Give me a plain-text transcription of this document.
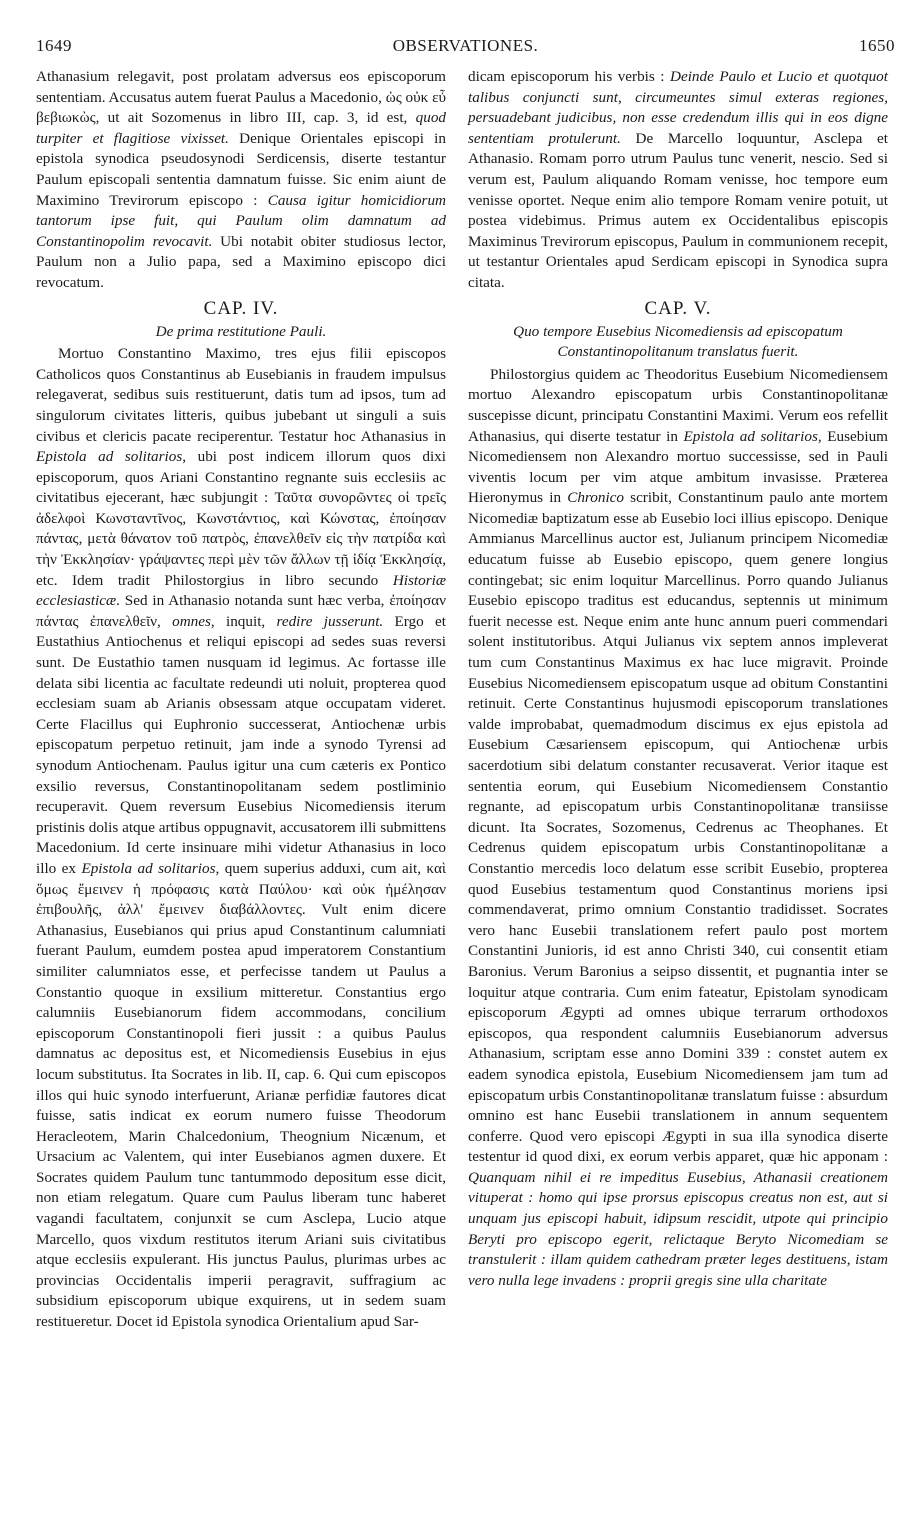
1649	OBSERVATIONES.	1650

Athanasium relegavit, post prolatam adversus eos episcoporum sententiam. Accusatus autem fuerat Paulus a Macedonio, ὡς οὐκ εὖ βεβιωκὼς, ut ait Sozomenus in libro III, cap. 3, id est, quod turpiter et flagitiose vixisset. Denique Orientales episcopi in epistola synodica pseudosynodi Serdicensis, diserte testantur Paulum episcopali sententia damnatum fuisse. Sic enim aiunt de Maximino Trevirorum episcopo : Causa igitur homicidiorum tantorum ipse fuit, qui Paulum olim damnatum ad Constantinopolim revocavit. Ubi notabit obiter studiosus lector, Paulum non a Julio papa, sed a Maximino episcopo dici revocatum.

CAP. IV.
De prima restitutione Pauli.

Mortuo Constantino Maximo, tres ejus filii episcopos Catholicos quos Constantinus ab Eusebianis in fraudem impulsus relegaverat, sedibus suis restituerunt, datis tum ad ipsos, tum ad singulorum civitates litteris, quibus jubebant ut singuli a suis civibus et clericis pacate reciperentur. Testatur hoc Athanasius in Epistola ad solitarios, ubi post indicem illorum quos dixi episcoporum, quos Ariani Constantino regnante suis ecclesiis ac civitatibus ejecerant, hæc subjungit : Ταῦτα συνορῶντες οἱ τρεῖς ἀδελφοὶ Κωνσταντῖνος, Κωνστάντιος, καὶ Κώνστας, ἐποίησαν πάντας, μετὰ θάνατον τοῦ πατρὸς, ἐπανελθεῖν εἰς τὴν πατρίδα καὶ τὴν Ἐκκλησίαν· γράψαντες περὶ μὲν τῶν ἄλλων τῇ ἰδίᾳ Ἐκκλησίᾳ, etc. Idem tradit Philostorgius in libro secundo Historiæ ecclesiasticæ. Sed in Athanasio notanda sunt hæc verba, ἐποίησαν πάντας ἐπανελθεῖν, omnes, inquit, redire jusserunt. Ergo et Eustathius Antiochenus et reliqui episcopi ad sedes suas reversi sunt. De Eustathio tamen nusquam id legimus. Ac fortasse ille delata sibi licentia ac facultate redeundi uti noluit, propterea quod ecclesiam suam ab Arianis obsessam atque occupatam videret. Certe Flacillus qui Euphronio successerat, Antiochenæ urbis episcopatum perpetuo retinuit, jam inde a synodo Tyrensi ad synodum Antiochenam. Paulus igitur una cum cæteris ex Pontico exsilio reversus, Constantinopolitanam sedem postliminio recuperavit. Quem reversum Eusebius Nicomediensis iterum pristinis dolis atque artibus oppugnavit, accusatorem illi submittens Macedonium. Id certe insinuare mihi videtur Athanasius in loco illo ex Epistola ad solitarios, quem superius adduxi, cum ait, καὶ ὅμως ἔμεινεν ἡ πρόφασις κατὰ Παύλου· καὶ οὐκ ἠμέλησαν ἐπιβουλῆς, ἀλλ' ἔμεινεν διαβάλλοντες. Vult enim dicere Athanasius, Eusebianos qui prius apud Constantinum calumniati fuerant Paulum, eumdem postea apud imperatorem Constantium similiter calumniatos esse, et perfecisse tandem ut Paulus a Constantio quoque in exsilium mitteretur. Constantius ergo calumniis Eusebianorum fidem accommodans, concilium episcoporum Constantinopoli fieri jussit : a quibus Paulus damnatus ac depositus est, et Nicomediensis Eusebius in ejus locum substitutus. Ita Socrates in lib. II, cap. 6. Qui cum episcopos illos qui huic synodo interfuerunt, Arianæ perfidiæ fautores dicat fuisse, satis indicat ex eorum numero fuisse Theodorum Heracleotem, Marin Chalcedonium, Theognium Nicænum, et Ursacium ac Valentem, qui inter Eusebianos agmen duxere. Et Socrates quidem Paulum tunc tantummodo depositum esse dicit, non etiam relegatum. Quare cum Paulus liberam tunc haberet vagandi facultatem, conjunxit se cum Asclepa, Lucio atque Marcello, quos vixdum restitutos iterum Ariani suis civitatibus atque ecclesiis expulerant. His junctus Paulus, plurimas urbes ac provincias Occidentalis imperii peragravit, suffragium ac subsidium episcoporum ubique exquirens, ut in sedem suam restitueretur. Docet id Epistola synodica Orientalium apud Sar-

dicam episcoporum his verbis : Deinde Paulo et Lucio et quotquot talibus conjuncti sunt, circumeuntes simul exteras regiones, persuadebant judicibus, non esse credendum illis qui in eos digne sententiam protulerunt. De Marcello loquuntur, Asclepa et Athanasio. Romam porro utrum Paulus tunc venerit, nescio. Sed si verum est, Paulum aliquando Romam venisse, hoc tempore eum venisse oportet. Neque enim alio tempore Romam venire potuit, ut postea videbimus. Primus autem ex Occidentalibus episcopis Maximinus Trevirorum episcopus, Paulum in communionem recepit, ut testantur Orientales apud Serdicam episcopi in Synodica supra citata.

CAP. V.
Quo tempore Eusebius Nicomediensis ad episcopatum Constantinopolitanum translatus fuerit.

Philostorgius quidem ac Theodoritus Eusebium Nicomediensem mortuo Alexandro episcopatum urbis Constantinopolitanæ suscepisse dicunt, principatu Constantini Maximi. Verum eos refellit Athanasius, qui diserte testatur in Epistola ad solitarios, Eusebium Nicomediensem non Alexandro mortuo successisse, sed in Pauli viventis locum per vim atque ambitum invasisse. Præterea Hieronymus in Chronico scribit, Constantinum paulo ante mortem Nicomediæ baptizatum esse ab Eusebio loci illius episcopo. Denique Ammianus Marcellinus auctor est, Julianum principem Nicomediæ educatum fuisse ab Eusebio episcopo, quem genere longius contingebat; sic enim loquitur Marcellinus. Porro quando Julianus Eusebio episcopo traditus est educandus, septennis ut minimum fuerit necesse est. Neque enim ante hunc annum pueri commendari solent institutoribus. Atqui Julianus vix septem annos impleverat tum cum Constantinus Maximus ex hac luce migravit. Proinde Eusebius Nicomediensem episcopatum usque ad obitum Constantini retinuit. Certe Constantinus hujusmodi episcoporum translationes valde improbabat, quemadmodum discimus ex ejus epistola ad Eusebium Cæsariensem episcopum, qui Antiochenæ urbis sacerdotium sibi delatum constanter recusaverat. Verior itaque est sententia eorum, qui Eusebium Nicomediensem Constantio regnante, ad episcopatum urbis Constantinopolitanæ transiisse dicunt. Ita Socrates, Sozomenus, Cedrenus ac Theophanes. Et Cedrenus quidem episcopatum urbis Constantinopolitanæ a Constantio mercedis loco delatum esse scribit Eusebio, propterea quod Eusebius testamentum quod Constantinus moriens ipsi commendaverat, primo omnium Constantio tradidisset. Socrates vero hanc Eusebii translationem refert paulo post mortem Constantini Junioris, id est anno Christi 340, cui consentit etiam Baronius. Verum Baronius a seipso dissentit, et pugnantia inter se loquitur atque contraria. Cum enim fateatur, Epistolam synodicam episcoporum Ægypti ad omnes ubique terrarum orthodoxos episcopos, qua respondent calumniis Eusebianorum adversus Athanasium, scriptam esse anno Domini 339 : constet autem ex eadem synodica epistola, Eusebium Nicomediensem jam tum ad episcopatum urbis Constantinopolitanæ translatum fuisse : absurdum omnino est hanc Eusebii translationem in annum sequentem conferre. Quod vero episcopi Ægypti in sua illa synodica diserte testentur id quod dixi, ex eorum verbis apparet, quæ hic apponam : Quanquam nihil ei re impeditus Eusebius, Athanasii creationem vituperat : homo qui ipse prorsus episcopus creatus non est, aut si unquam jus episcopi habuit, idipsum rescidit, utpote qui principio Beryti pro episcopo egerit, relictaque Beryto Nicomediam se transtulerit : illam quidem cathedram præter leges destituens, istam vero nulla lege invadens : proprii gregis sine ulla charitate
